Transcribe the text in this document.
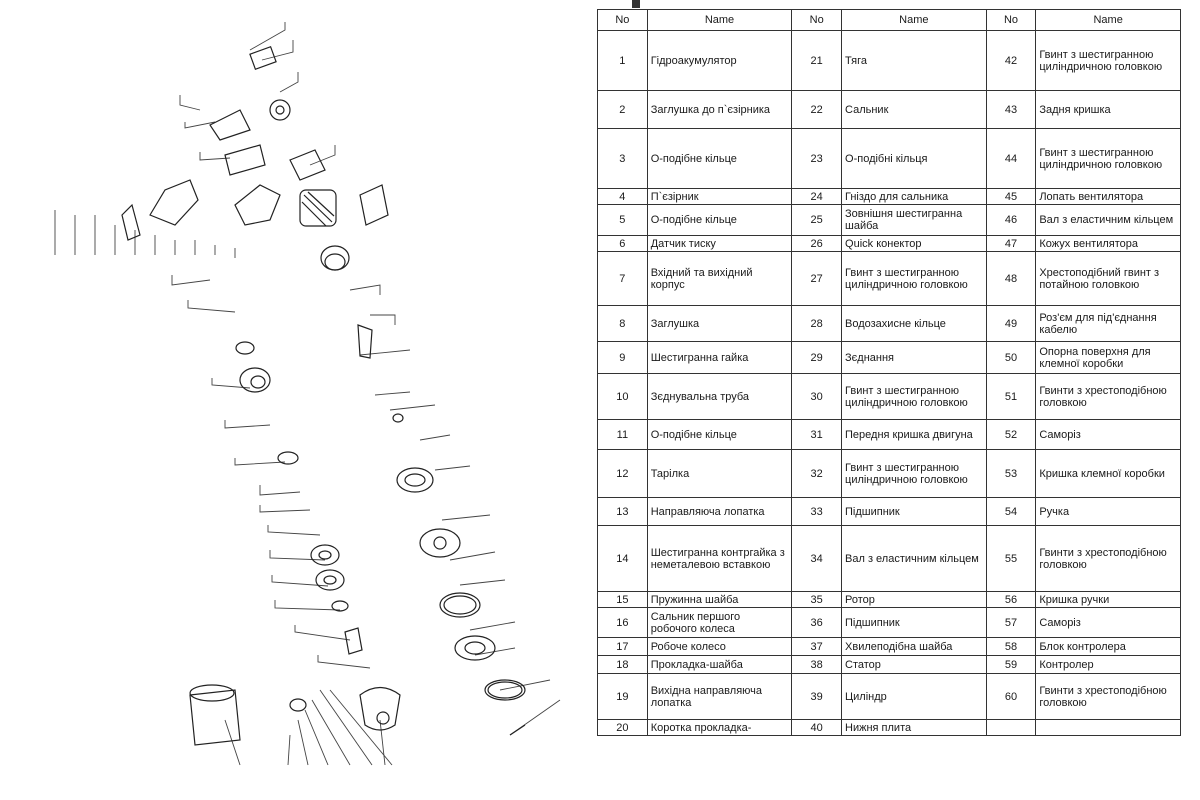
No	Name	No	Name	No	Name
1	Гідроакумулятор	21	Тяга	42	Гвинт з шестигранною циліндричною головкою
2	Заглушка до п`єзірника	22	Сальник	43	Задня кришка
3	О-подібне кільце	23	О-подібні кільця	44	Гвинт з шестигранною циліндричною головкою
4	П`єзірник	24	Гніздо для сальника	45	Лопать вентилятора
5	О-подібне кільце	25	Зовнішня шестигранна шайба	46	Вал з еластичним кільцем
6	Датчик тиску	26	Quick конектор	47	Кожух вентилятора
7	Вхідний та вихідний корпус	27	Гвинт з шестигранною циліндричною головкою	48	Хрестоподібний гвинт з потайною головкою
8	Заглушка	28	Водозахисне кільце	49	Роз'єм для під'єднання кабелю
9	Шестигранна гайка	29	Зєднання	50	Опорна поверхня для клемної коробки
10	Зєднувальна труба	30	Гвинт з шестигранною циліндричною головкою	51	Гвинти з хрестоподібною головкою
11	О-подібне кільце	31	Передня кришка двигуна	52	Саморіз
12	Тарілка	32	Гвинт з шестигранною циліндричною головкою	53	Кришка клемної коробки
13	Направляюча лопатка	33	Підшипник	54	Ручка
14	Шестигранна контргайка з неметалевою вставкою	34	Вал з еластичним кільцем	55	Гвинти з хрестоподібною головкою
15	Пружинна шайба	35	Ротор	56	Кришка ручки
16	Сальник першого робочого колеса	36	Підшипник	57	Саморіз
17	Робоче колесо	37	Хвилеподібна шайба	58	Блок контролера
18	Прокладка-шайба	38	Статор	59	Контролер
19	Вихідна направляюча лопатка	39	Циліндр	60	Гвинти з хрестоподібною головкою
20	Коротка прокладка-	40	Нижня плита		
